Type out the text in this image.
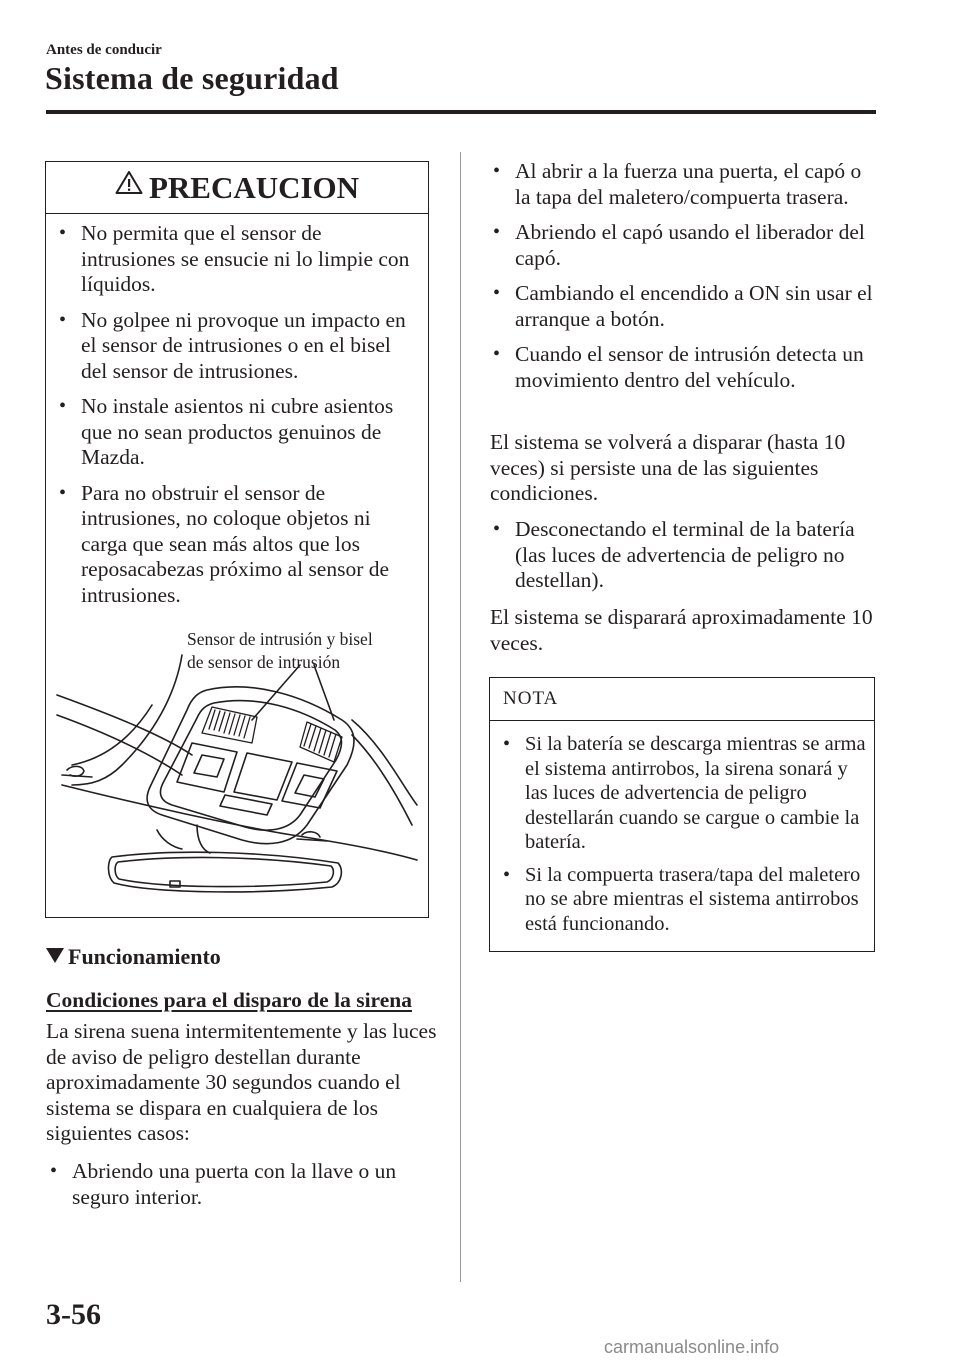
Antes de conducir
Sistema de seguridad
PRECAUCION
• No permita que el sensor de intrusiones se ensucie ni lo limpie con líquidos.
• No golpee ni provoque un impacto en el sensor de intrusiones o en el bisel del sensor de intrusiones.
• No instale asientos ni cubre asientos que no sean productos genuinos de Mazda.
• Para no obstruir el sensor de intrusiones, no coloque objetos ni carga que sean más altos que los reposacabezas próximo al sensor de intrusiones.
Sensor de intrusión y bisel
de sensor de intrusión
Funcionamiento
Condiciones para el disparo de la sirena
La sirena suena intermitentemente y las luces de aviso de peligro destellan durante aproximadamente 30 segundos cuando el sistema se dispara en cualquiera de los siguientes casos:
• Abriendo una puerta con la llave o un seguro interior.
• Al abrir a la fuerza una puerta, el capó o la tapa del maletero/compuerta trasera.
• Abriendo el capó usando el liberador del capó.
• Cambiando el encendido a ON sin usar el arranque a botón.
• Cuando el sensor de intrusión detecta un movimiento dentro del vehículo.
El sistema se volverá a disparar (hasta 10 veces) si persiste una de las siguientes condiciones.
• Desconectando el terminal de la batería (las luces de advertencia de peligro no destellan).
El sistema se disparará aproximadamente 10 veces.
NOTA
• Si la batería se descarga mientras se arma el sistema antirrobos, la sirena sonará y las luces de advertencia de peligro destellarán cuando se cargue o cambie la batería.
• Si la compuerta trasera/tapa del maletero no se abre mientras el sistema antirrobos está funcionando.
3-56
carmanualsonline.info
